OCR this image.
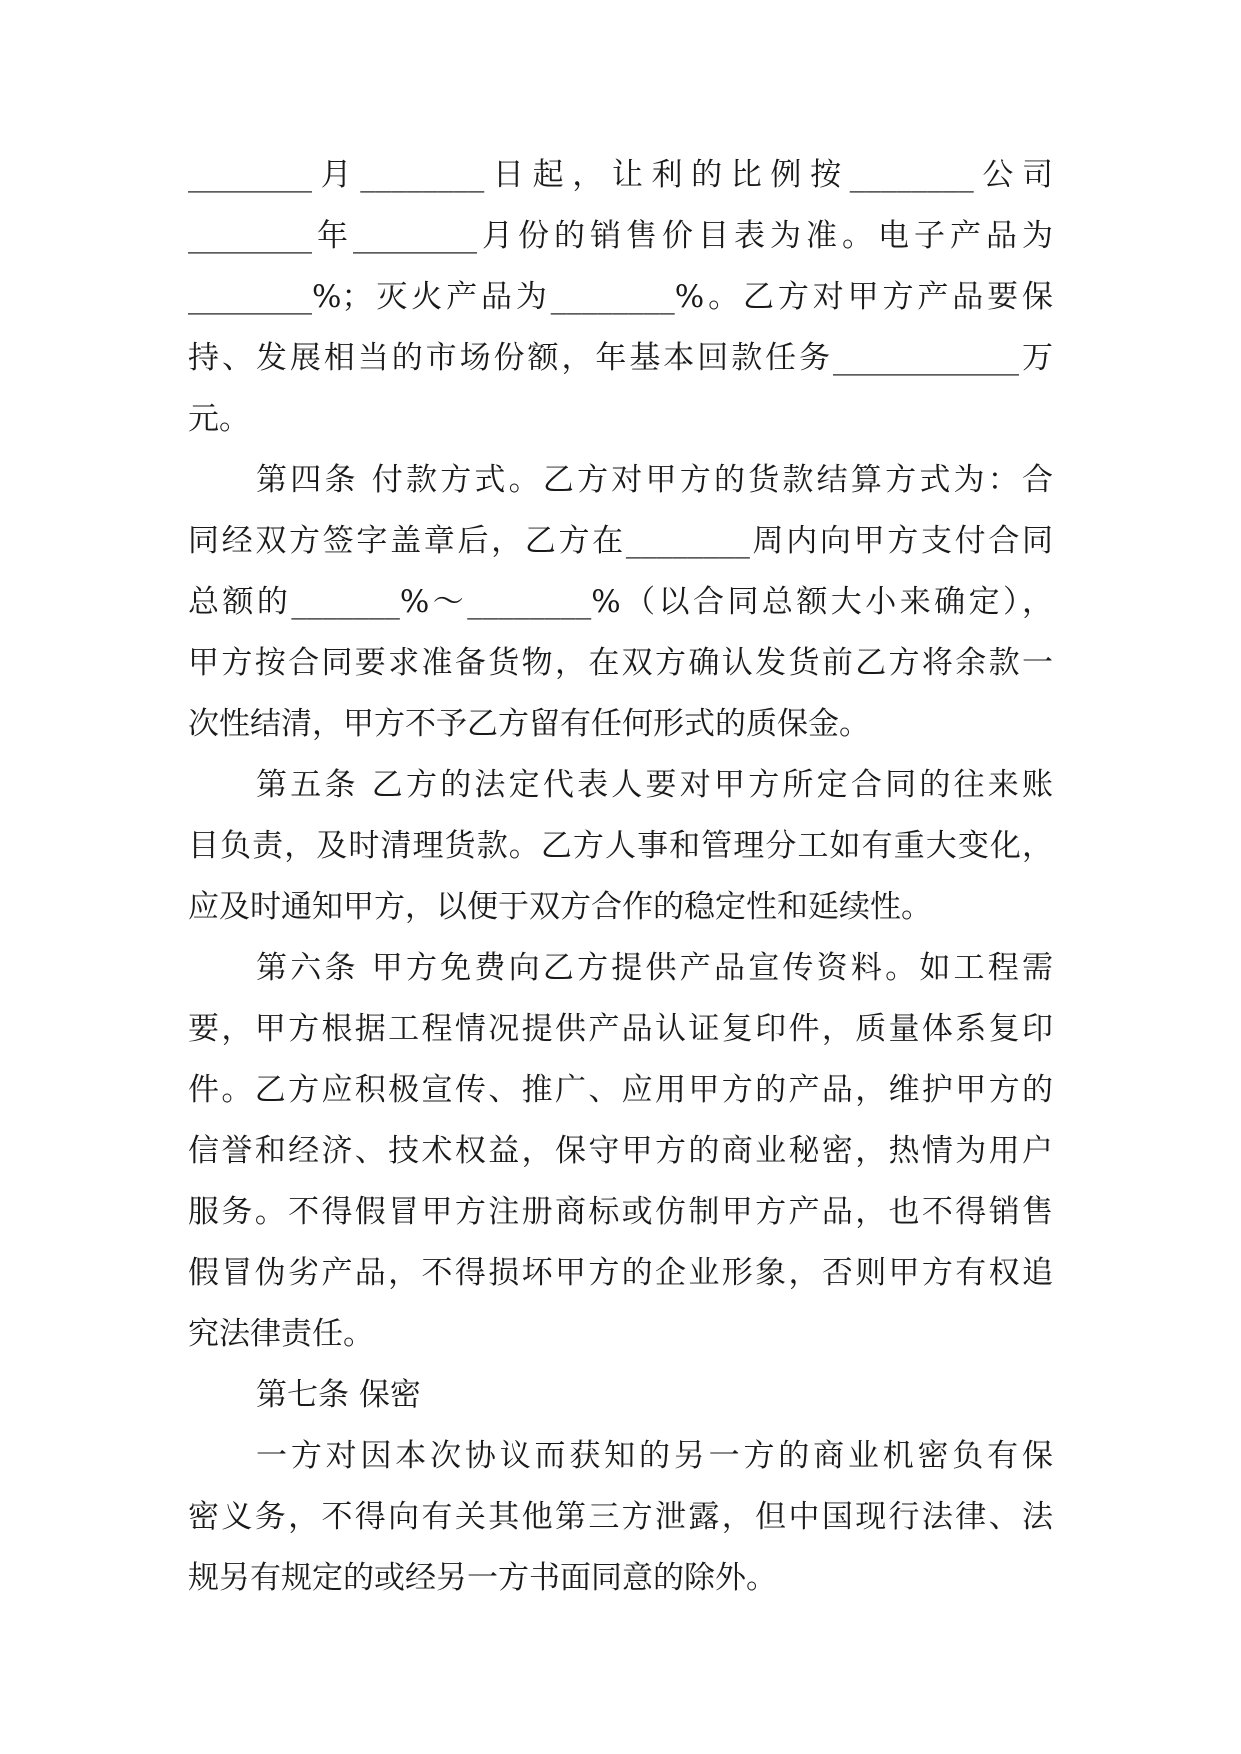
________月________日起，让利的比例按________公司
________年________月份的销售价目表为准。电子产品为
________%；灭火产品为________%。乙方对甲方产品要保
持、发展相当的市场份额，年基本回款任务____________万
元。
第四条 付款方式。乙方对甲方的货款结算方式为：合
同经双方签字盖章后，乙方在________周内向甲方支付合同
总额的_______%～________%（以合同总额大小来确定），
甲方按合同要求准备货物，在双方确认发货前乙方将余款一
次性结清，甲方不予乙方留有任何形式的质保金。
第五条 乙方的法定代表人要对甲方所定合同的往来账
目负责，及时清理货款。乙方人事和管理分工如有重大变化，
应及时通知甲方，以便于双方合作的稳定性和延续性。
第六条 甲方免费向乙方提供产品宣传资料。如工程需
要，甲方根据工程情况提供产品认证复印件，质量体系复印
件。乙方应积极宣传、推广、应用甲方的产品，维护甲方的
信誉和经济、技术权益，保守甲方的商业秘密，热情为用户
服务。不得假冒甲方注册商标或仿制甲方产品，也不得销售
假冒伪劣产品，不得损坏甲方的企业形象，否则甲方有权追
究法律责任。
第七条 保密
一方对因本次协议而获知的另一方的商业机密负有保
密义务，不得向有关其他第三方泄露，但中国现行法律、法
规另有规定的或经另一方书面同意的除外。
